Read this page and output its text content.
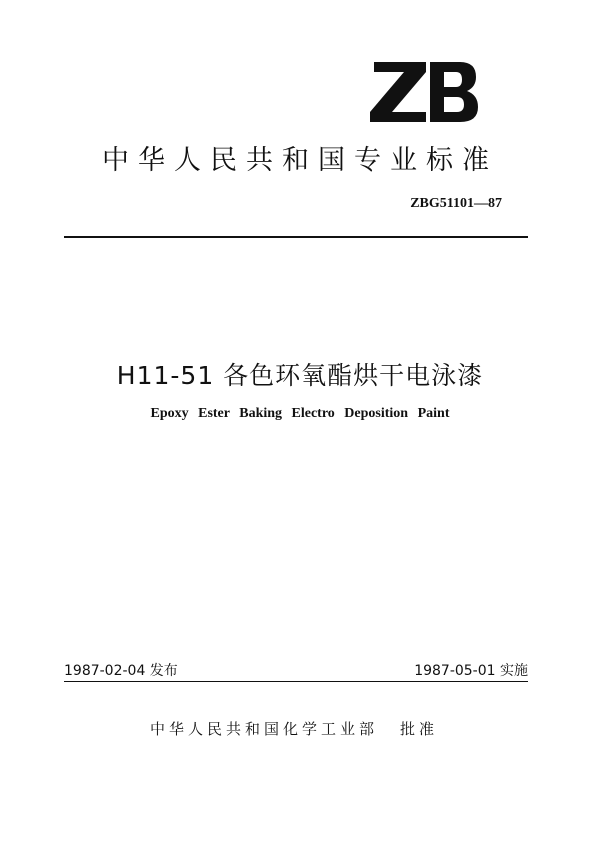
中华人民共和国专业标准
ZBG51101—87
H11-51 各色环氧酯烘干电泳漆
Epoxy Ester Baking Electro Deposition Paint
1987-02-04 发布	1987-05-01 实施
中华人民共和国化学工业部 批准
